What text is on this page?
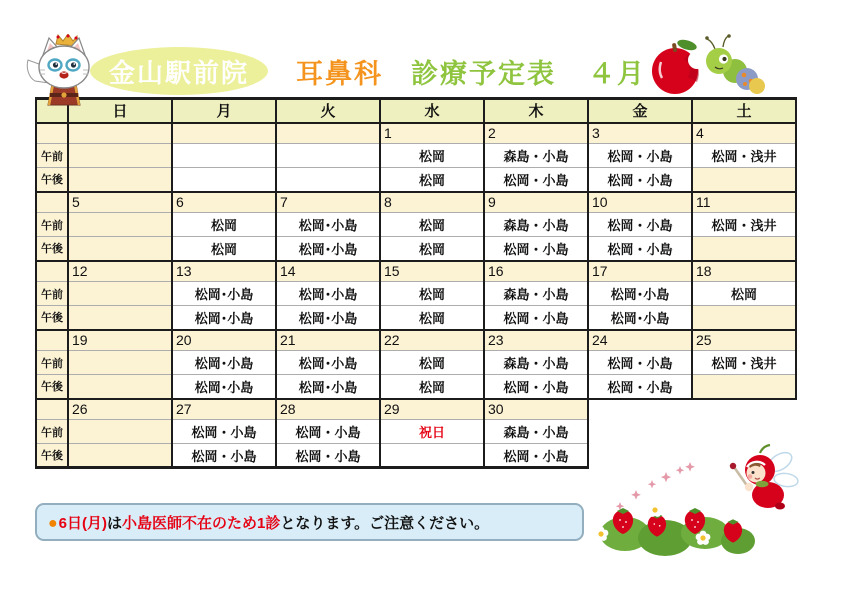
金山駅前院	耳鼻科 診療予定表 ４月
	日	月	火	水	木	金	土
				1	2	3	4
午前				松岡	森島・小島	松岡・小島	松岡・浅井
午後				松岡	松岡・小島	松岡・小島	
	5	6	7	8	9	10	11
午前		松岡	松岡･小島	松岡	森島・小島	松岡・小島	松岡・浅井
午後		松岡	松岡･小島	松岡	松岡・小島	松岡・小島	
	12	13	14	15	16	17	18
午前		松岡･小島	松岡･小島	松岡	森島・小島	松岡･小島	松岡
午後		松岡･小島	松岡･小島	松岡	松岡・小島	松岡･小島	
	19	20	21	22	23	24	25
午前		松岡･小島	松岡･小島	松岡	森島・小島	松岡・小島	松岡・浅井
午後		松岡･小島	松岡･小島	松岡	松岡・小島	松岡・小島	
	26	27	28	29	30		
午前		松岡・小島	松岡・小島	祝日	森島・小島		
午後		松岡・小島	松岡・小島		松岡・小島		
●6日(月)は小島医師不在のため1診となります。ご注意ください。
